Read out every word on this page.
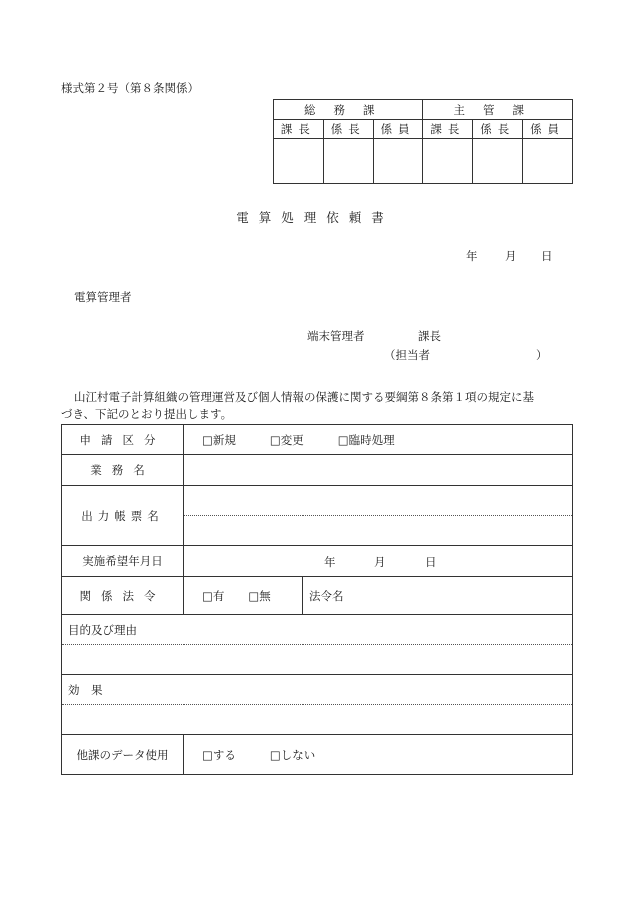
様式第２号（第８条関係）
総務課			主管課		
課長	係長	係員	課長	係長	係員

電算処理依頼書
年 月 日
電算管理者
端末管理者	課長
（担当者	）
山江村電子計算組織の管理運営及び個人情報の保護に関する要綱第８条第１項の規定に基
づき、下記のとおり提出します。
申請区分	□新規 □変更 □臨時処理	
業務名		
出力帳票名		

実施希望年月日	年 月 日	

関係法令	□有 □無	法令名
目的及び理由		

効　果		

他課のデータ使用	□する □しない	
